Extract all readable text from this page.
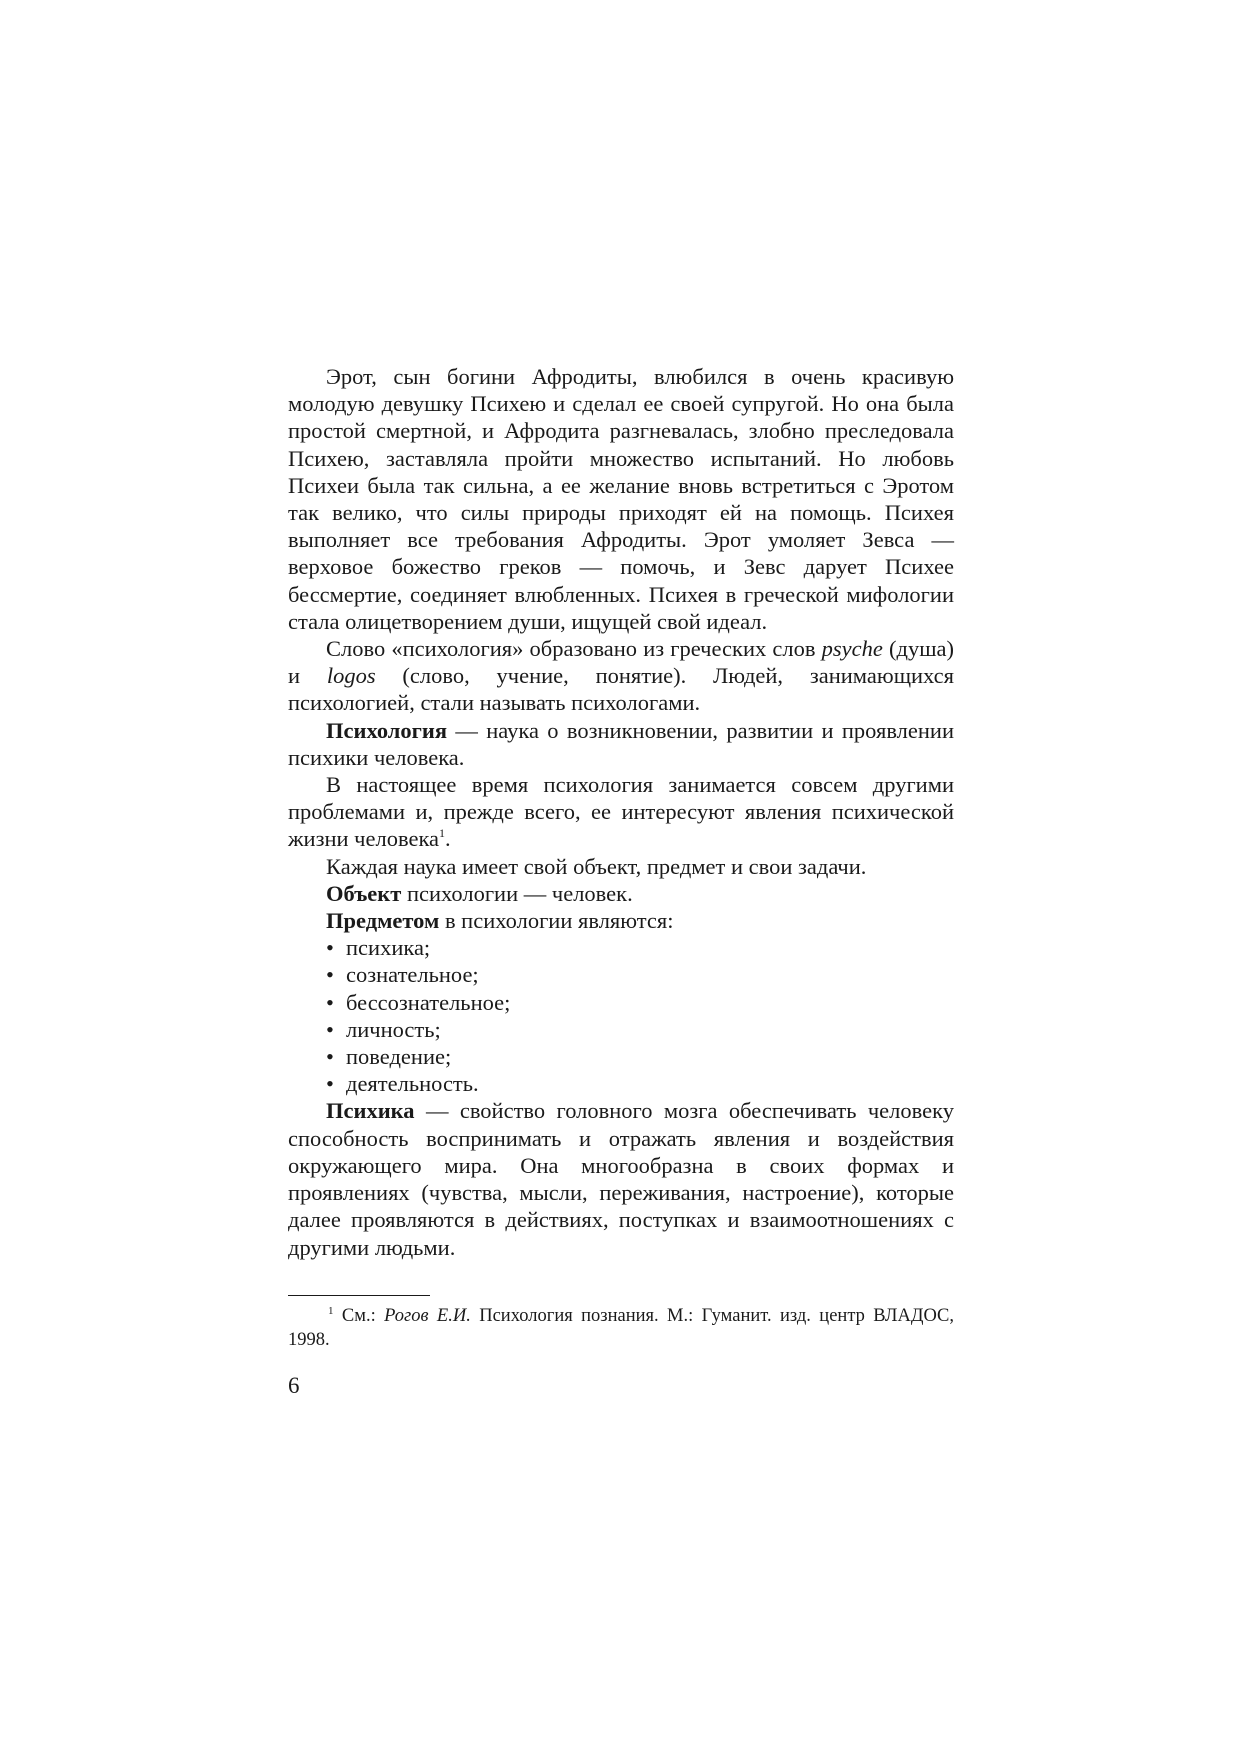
Эрот, сын богини Афродиты, влюбился в очень красивую молодую девушку Психею и сделал ее своей супругой. Но она была простой смертной, и Афродита разгневалась, злобно преследовала Психею, заставляла пройти множество испытаний. Но любовь Психеи была так сильна, а ее желание вновь встретиться с Эротом так велико, что силы природы приходят ей на помощь. Психея выполняет все требования Афродиты. Эрот умоляет Зевса — верховое божество греков — помочь, и Зевс дарует Психее бессмертие, соединяет влюбленных. Психея в греческой мифологии стала олицетворением души, ищущей свой идеал.

Слово «психология» образовано из греческих слов psyche (душа) и logos (слово, учение, понятие). Людей, занимающихся психологией, стали называть психологами.

Психология — наука о возникновении, развитии и проявлении психики человека.

В настоящее время психология занимается совсем другими проблемами и, прежде всего, ее интересуют явления психической жизни человека$^1$.

Каждая наука имеет свой объект, предмет и свои задачи.

Объект психологии — человек.

Предметом в психологии являются:

• психика;
• сознательное;
• бессознательное;
• личность;
• поведение;
• деятельность.

Психика — свойство головного мозга обеспечивать человеку способность воспринимать и отражать явления и воздействия окружающего мира. Она многообразна в своих формах и проявлениях (чувства, мысли, переживания, настроение), которые далее проявляются в действиях, поступках и взаимоотношениях с другими людьми.

$^1$ См.: Рогов Е.И. Психология познания. М.: Гуманит. изд. центр ВЛАДОС, 1998.

6
